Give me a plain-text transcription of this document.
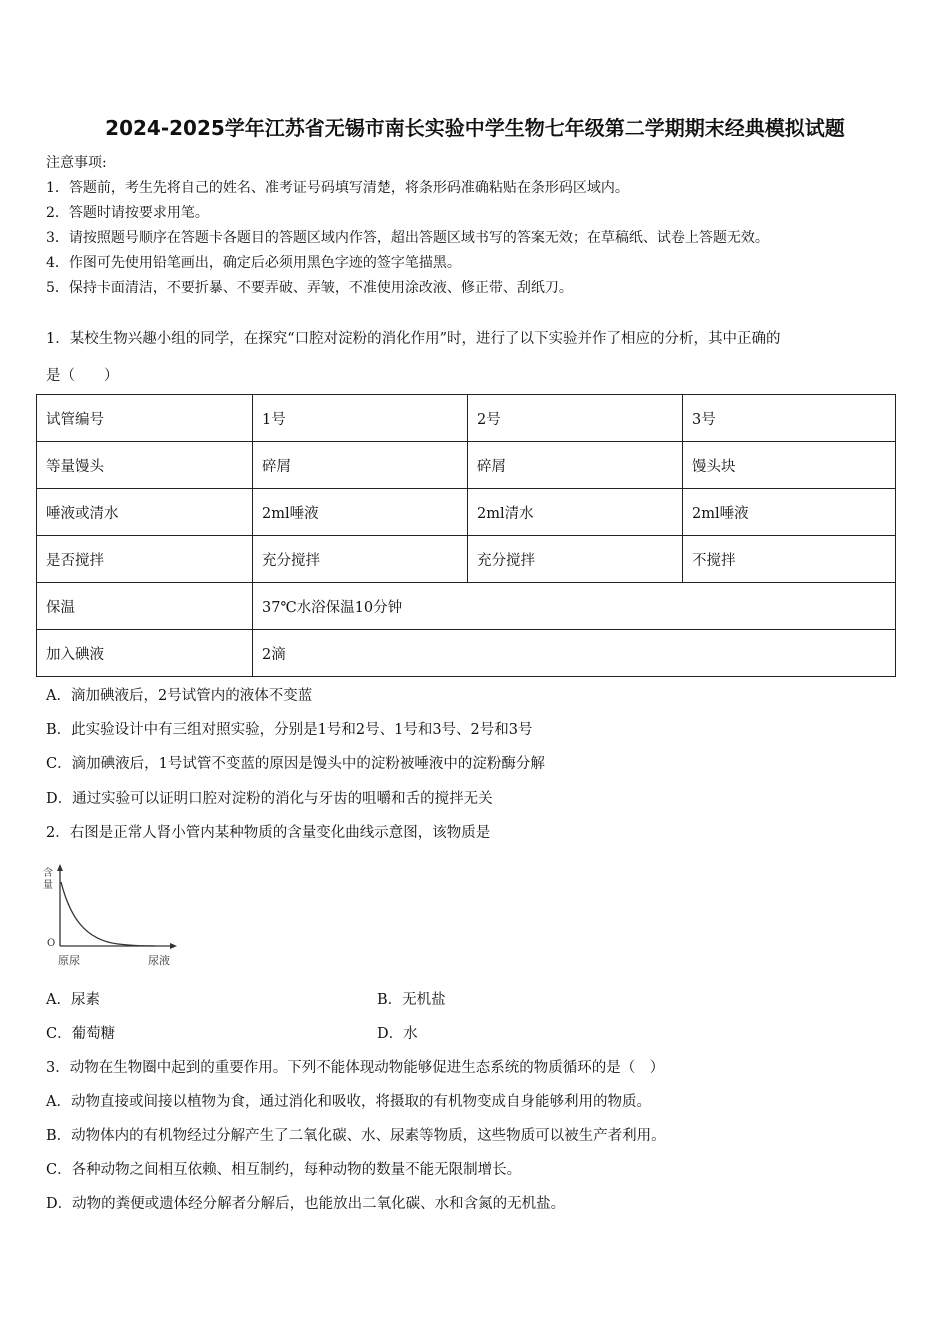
2024-2025学年江苏省无锡市南长实验中学生物七年级第二学期期末经典模拟试题
注意事项:
1．答题前，考生先将自己的姓名、准考证号码填写清楚，将条形码准确粘贴在条形码区域内。
2．答题时请按要求用笔。
3．请按照题号顺序在答题卡各题目的答题区域内作答，超出答题区域书写的答案无效；在草稿纸、试卷上答题无效。
4．作图可先使用铅笔画出，确定后必须用黑色字迹的签字笔描黑。
5．保持卡面清洁，不要折暴、不要弄破、弄皱，不准使用涂改液、修正带、刮纸刀。
1．某校生物兴趣小组的同学，在探究“口腔对淀粉的消化作用”时，进行了以下实验并作了相应的分析，其中正确的
是（　　）
试管编号	1号	2号	3号
等量馒头	碎屑	碎屑	馒头块
唾液或清水	2ml唾液	2ml清水	2ml唾液
是否搅拌	充分搅拌	充分搅拌	不搅拌
保温	37℃水浴保温10分钟		
加入碘液	2滴		
A．滴加碘液后，2号试管内的液体不变蓝
B．此实验设计中有三组对照实验，分别是1号和2号、1号和3号、2号和3号
C．滴加碘液后，1号试管不变蓝的原因是馒头中的淀粉被唾液中的淀粉酶分解
D．通过实验可以证明口腔对淀粉的消化与牙齿的咀嚼和舌的搅拌无关
2．右图是正常人肾小管内某种物质的含量变化曲线示意图，该物质是
含
量
O
原尿	尿液
A．尿素	B．无机盐
C．葡萄糖	D．水
3．动物在生物圈中起到的重要作用。下列不能体现动物能够促进生态系统的物质循环的是（　）
A．动物直接或间接以植物为食，通过消化和吸收，将摄取的有机物变成自身能够利用的物质。
B．动物体内的有机物经过分解产生了二氧化碳、水、尿素等物质，这些物质可以被生产者利用。
C．各种动物之间相互依赖、相互制约，每种动物的数量不能无限制增长。
D．动物的粪便或遗体经分解者分解后，也能放出二氧化碳、水和含氮的无机盐。
